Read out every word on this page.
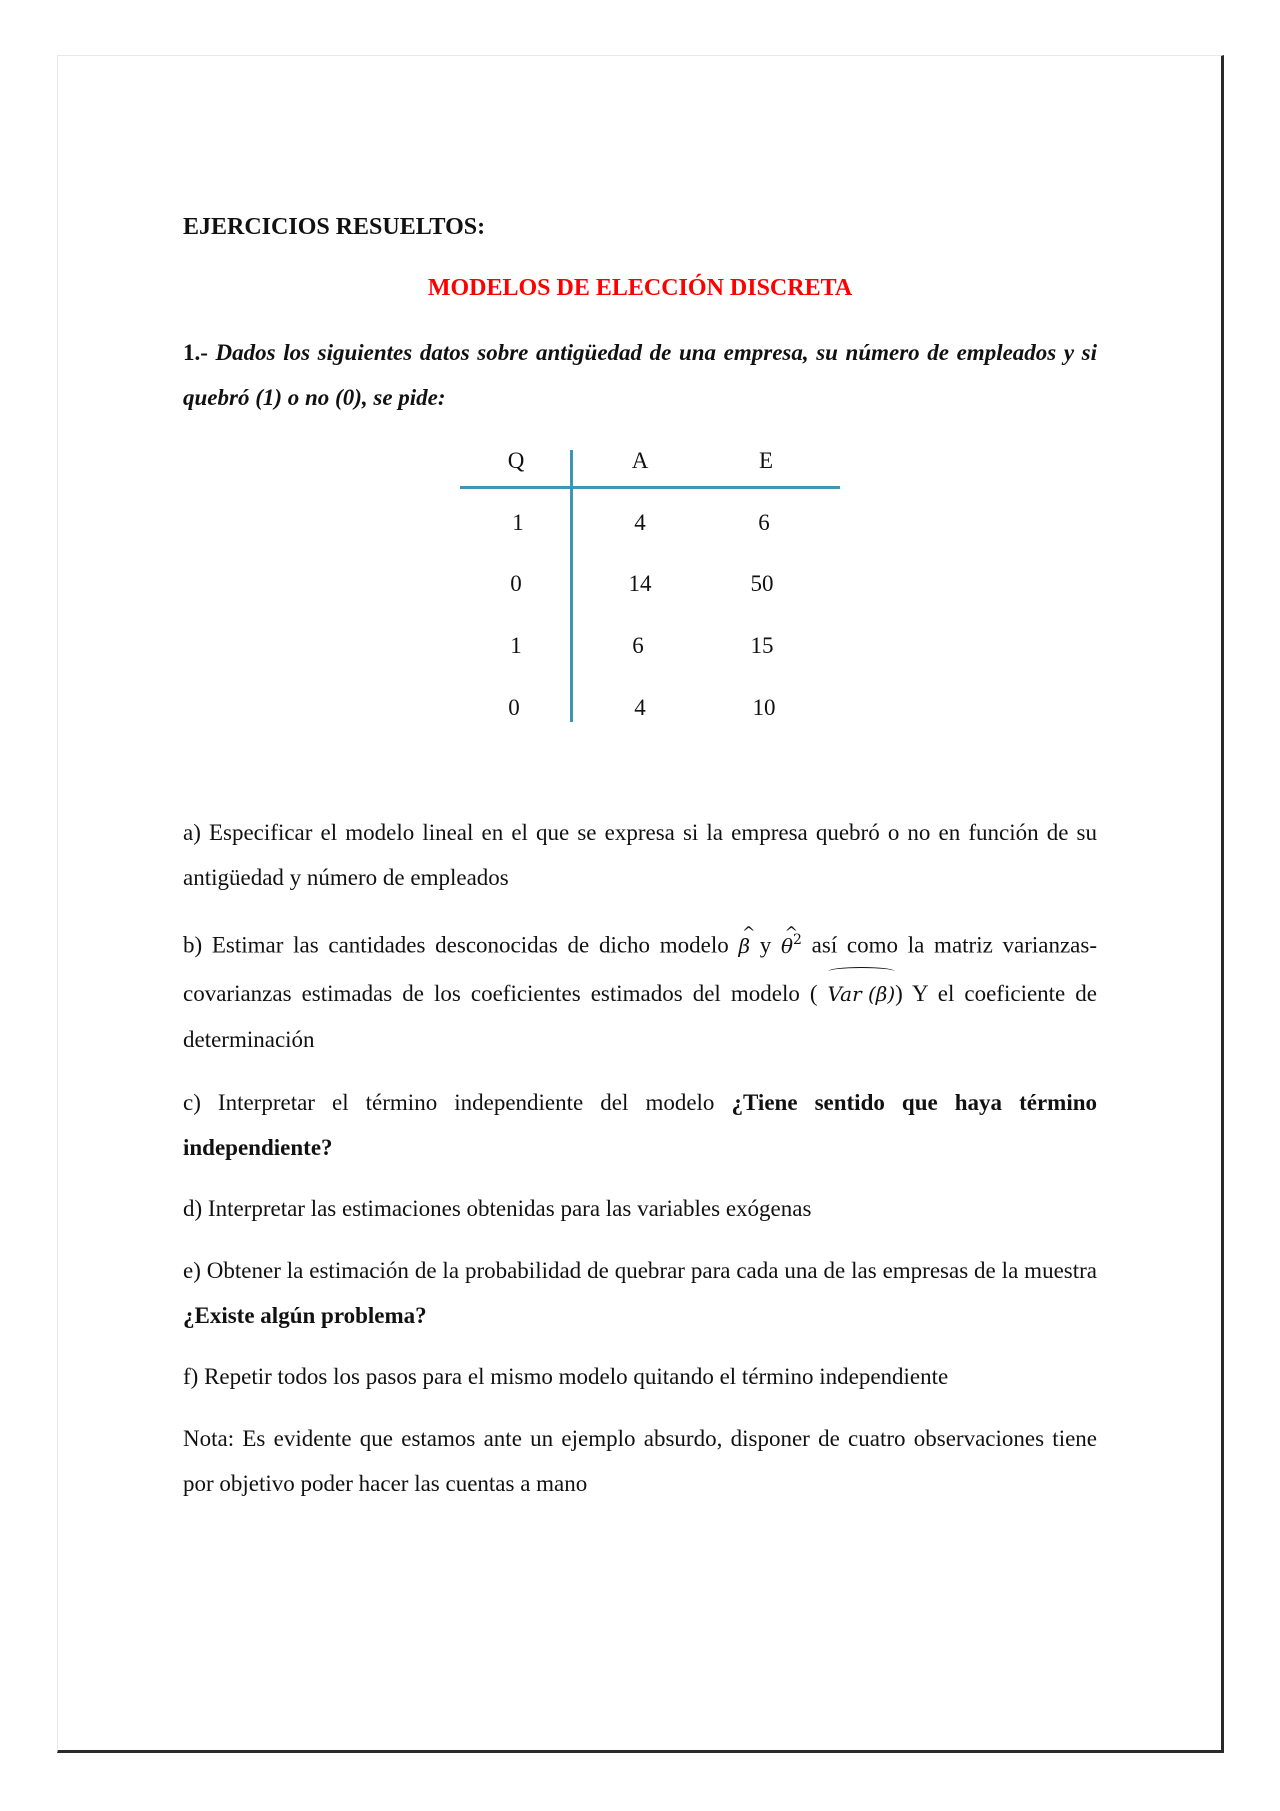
EJERCICIOS RESUELTOS:
MODELOS DE ELECCIÓN DISCRETA

1.- Dados los siguientes datos sobre antigüedad de una empresa, su número de empleados y si quebró (1) o no (0), se pide:

Q	A	E
1	4	6
0	14	50
1	6	15
0	4	10

a) Especificar el modelo lineal en el que se expresa si la empresa quebró o no en función de su antigüedad y número de empleados

b) Estimar las cantidades desconocidas de dicho modelo ^ β y ^ $\theta^2$ así como la matriz varianzas-covarianzas estimadas de los coeficientes estimados del modelo ( Var (β)) Y el coeficiente de determinación

c) Interpretar el término independiente del modelo ¿Tiene sentido que haya término independiente?

d) Interpretar las estimaciones obtenidas para las variables exógenas

e) Obtener la estimación de la probabilidad de quebrar para cada una de las empresas de la muestra ¿Existe algún problema?

f) Repetir todos los pasos para el mismo modelo quitando el término independiente

Nota: Es evidente que estamos ante un ejemplo absurdo, disponer de cuatro observaciones tiene por objetivo poder hacer las cuentas a mano
